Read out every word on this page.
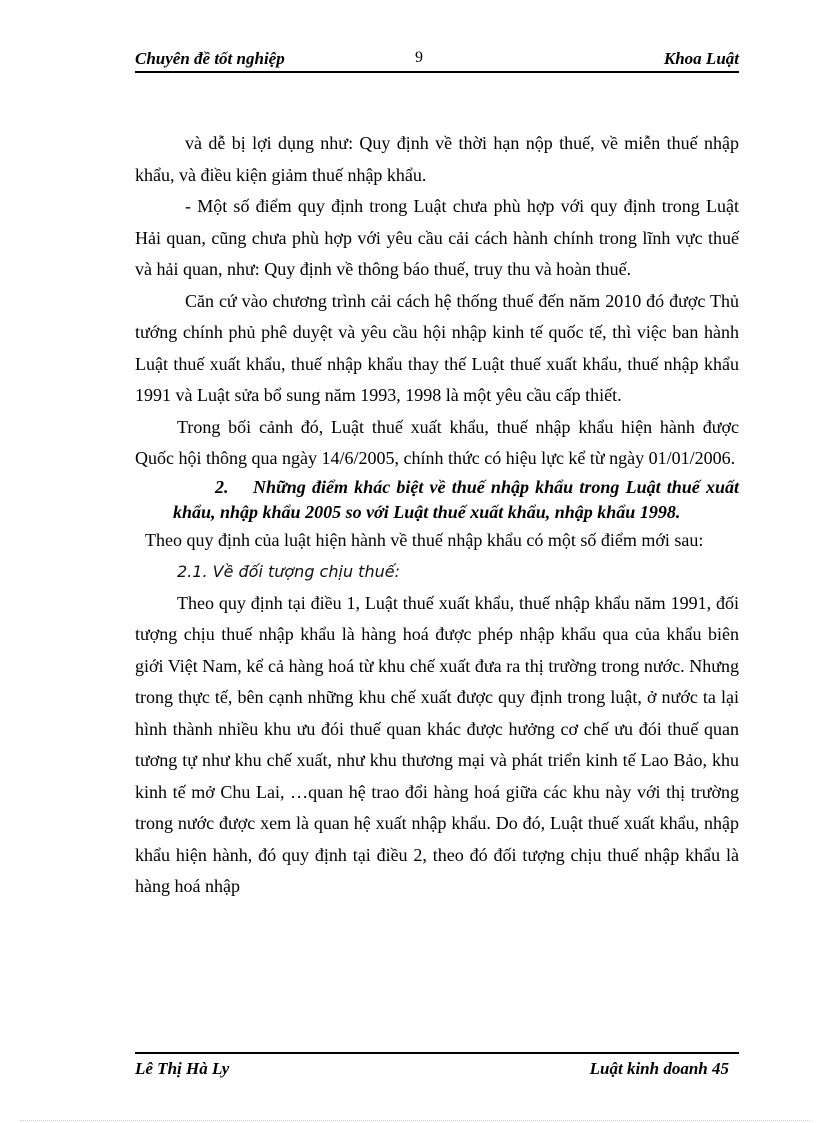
Chuyên đề tốt nghiệp	9	Khoa Luật

và dễ bị lợi dụng như: Quy định về thời hạn nộp thuế, về miễn thuế nhập khẩu, và điều kiện giảm thuế nhập khẩu.

- Một số điểm quy định trong Luật chưa phù hợp với quy định trong Luật Hải quan, cũng chưa phù hợp với yêu cầu cải cách hành chính trong lĩnh vực thuế và hải quan, như: Quy định về thông báo thuế, truy thu và hoàn thuế.

Căn cứ vào chương trình cải cách hệ thống thuế đến năm 2010 đó được Thủ tướng chính phủ phê duyệt và yêu cầu hội nhập kinh tế quốc tế, thì việc ban hành Luật thuế xuất khẩu, thuế nhập khẩu thay thế Luật thuế xuất khẩu, thuế nhập khẩu 1991 và Luật sửa bổ sung năm 1993, 1998 là một yêu cầu cấp thiết.

Trong bối cảnh đó, Luật thuế xuất khẩu, thuế nhập khẩu hiện hành được Quốc hội thông qua ngày 14/6/2005, chính thức có hiệu lực kể từ ngày 01/01/2006.

2. Những điểm khác biệt về thuế nhập khẩu trong Luật thuế xuất khẩu, nhập khẩu 2005 so với Luật thuế xuất khẩu, nhập khẩu 1998.

Theo quy định của luật hiện hành về thuế nhập khẩu có một số điểm mới sau:

2.1. Về đối tượng chịu thuế:

Theo quy định tại điều 1, Luật thuế xuất khẩu, thuế nhập khẩu năm 1991, đối tượng chịu thuế nhập khẩu là hàng hoá được phép nhập khẩu qua của khẩu biên giới Việt Nam, kể cả hàng hoá từ khu chế xuất đưa ra thị trường trong nước. Nhưng trong thực tế, bên cạnh những khu chế xuất được quy định trong luật, ở nước ta lại hình thành nhiều khu ưu đói thuế quan khác được hưởng cơ chế ưu đói thuế quan tương tự như khu chế xuất, như khu thương mại và phát triển kinh tế Lao Bảo, khu kinh tế mở Chu Lai, …quan hệ trao đổi hàng hoá giữa các khu này với thị trường trong nước được xem là quan hệ xuất nhập khẩu. Do đó, Luật thuế xuất khẩu, nhập khẩu hiện hành, đó quy định tại điều 2, theo đó đối tượng chịu thuế nhập khẩu là hàng hoá nhập

Lê Thị Hà Ly	Luật kinh doanh 45
